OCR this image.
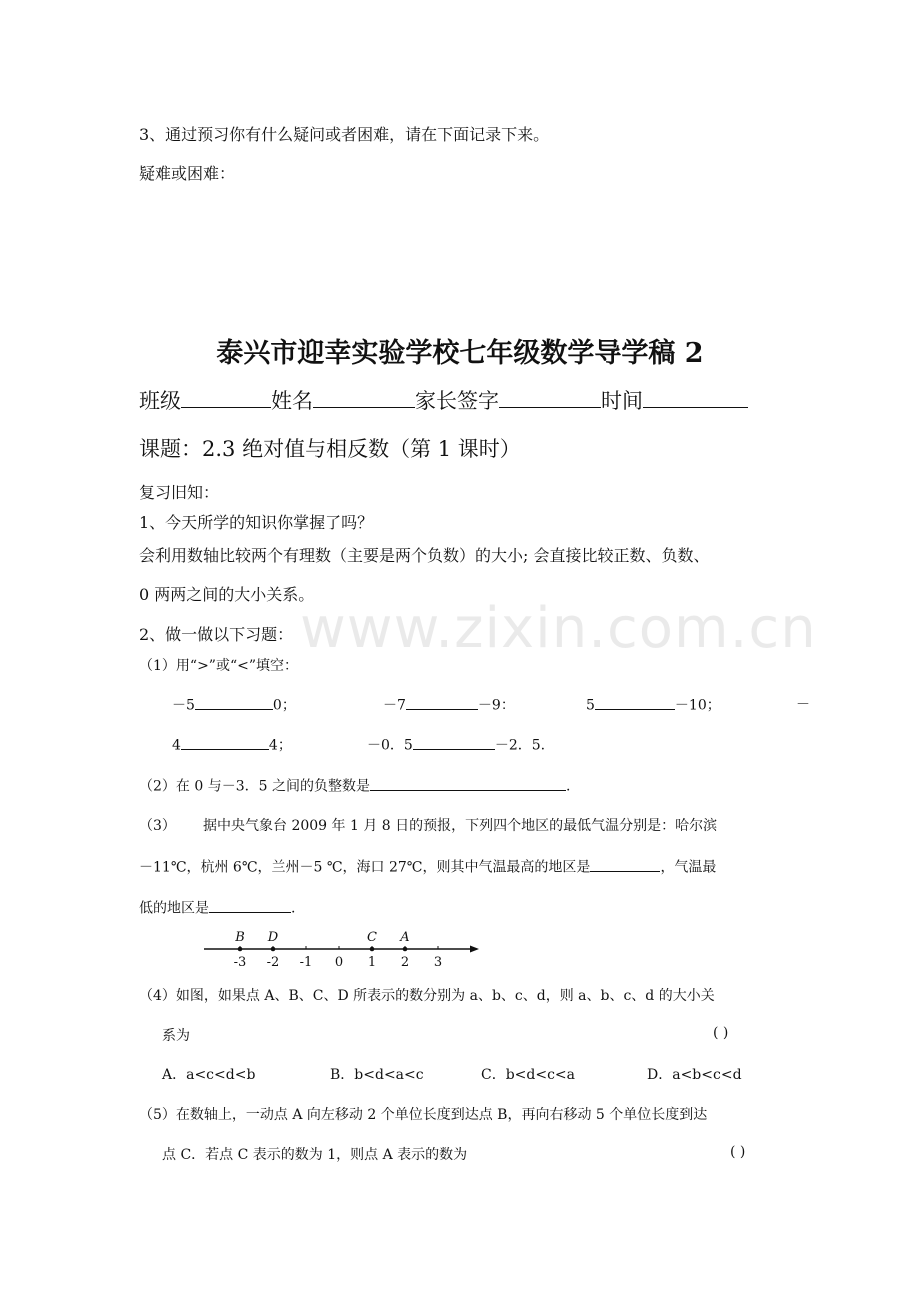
3、通过预习你有什么疑问或者困难，请在下面记录下来。
疑难或困难：
泰兴市迎幸实验学校七年级数学导学稿 2
班级	姓名	家长签字	时间
课题：2.3 绝对值与相反数（第 1 课时）
复习旧知：
1、今天所学的知识你掌握了吗？
会利用数轴比较两个有理数（主要是两个负数）的大小; 会直接比较正数、负数、
0 两两之间的大小关系。
2、做一做以下习题：
（1）用“>”或“<”填空：
－5	0；	－7	－9：	5	－10；	－
4	4；	－0．5	－2．5.
（2）在 0 与－3．5 之间的负整数是	.
（3） 据中央气象台 2009 年 1 月 8 日的预报，下列四个地区的最低气温分别是：哈尔滨
－11℃，杭州 6℃，兰州－5 ℃，海口 27℃，则其中气温最高的地区是	，气温最
低的地区是	.
-3 -2 -1 0 1 2 3
B D	C A
（4）如图，如果点 A、B、C、D 所表示的数分别为 a、b、c、d，则 a、b、c、d 的大小关
系为	( )
A．a<c<d<b	B．b<d<a<c	C．b<d<c<a	D．a<b<c<d
（5）在数轴上，一动点 A 向左移动 2 个单位长度到达点 B，再向右移动 5 个单位长度到达
点 C．若点 C 表示的数为 1，则点 A 表示的数为	( )
www.zixin.com.cn
